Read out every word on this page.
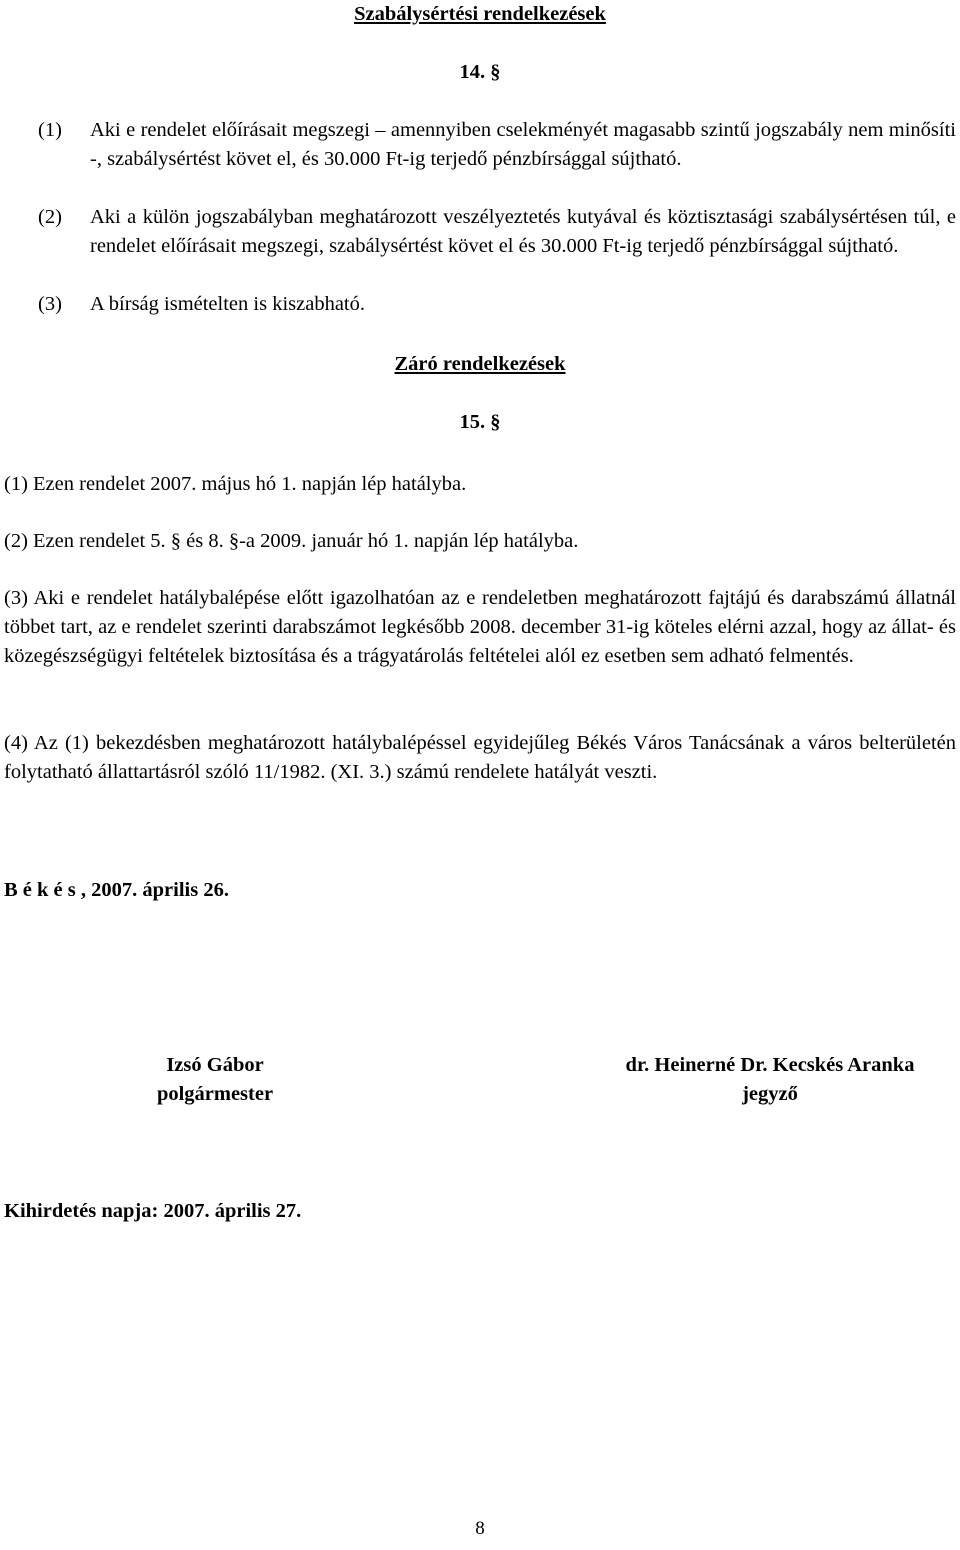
Szabálysértési rendelkezések
14. §
(1) Aki e rendelet előírásait megszegi – amennyiben cselekményét magasabb szintű jogszabály nem minősíti -, szabálysértést követ el, és 30.000 Ft-ig terjedő pénzbírsággal sújtható.
(2) Aki a külön jogszabályban meghatározott veszélyeztetés kutyával és köztisztasági szabálysértésen túl, e rendelet előírásait megszegi, szabálysértést követ el és 30.000 Ft-ig terjedő pénzbírsággal sújtható.
(3) A bírság ismételten is kiszabható.
Záró rendelkezések
15. §
(1) Ezen rendelet 2007. május hó 1. napján lép hatályba.
(2) Ezen rendelet 5. § és 8. §-a 2009. január hó 1. napján lép hatályba.
(3) Aki e rendelet hatálybalépése előtt igazolhatóan az e rendeletben meghatározott fajtájú és darabszámú állatnál többet tart, az e rendelet szerinti darabszámot legkésőbb 2008. december 31-ig köteles elérni azzal, hogy az állat- és közegészségügyi feltételek biztosítása és a trágyatárolás feltételei alól ez esetben sem adható felmentés.
(4) Az (1) bekezdésben meghatározott hatálybalépéssel egyidejűleg Békés Város Tanácsának a város belterületén folytatható állattartásról szóló 11/1982. (XI. 3.) számú rendelete hatályát veszti.
B é k é s , 2007. április 26.
Izsó Gábor
polgármester
dr. Heinerné Dr. Kecskés Aranka
jegyző
Kihirdetés napja: 2007. április 27.
8
